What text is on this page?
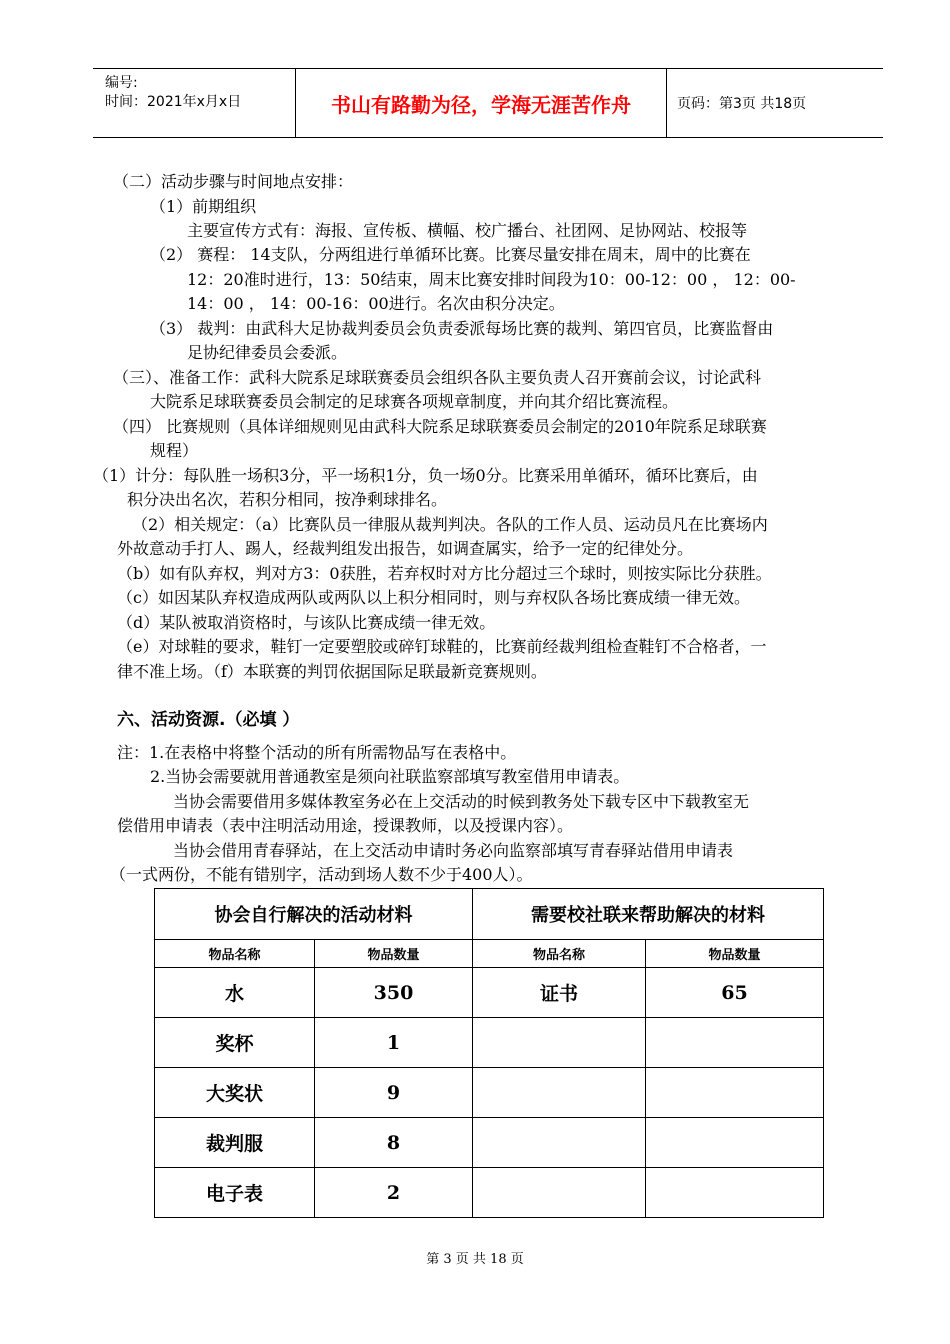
编号:
时间：2021年x月x日	书山有路勤为径，学海无涯苦作舟	页码：第3页 共18页
（二）活动步骤与时间地点安排：
（1）前期组织
主要宣传方式有：海报、宣传板、横幅、校广播台、社团网、足协网站、校报等
（2） 赛程： 14支队，分两组进行单循环比赛。比赛尽量安排在周末，周中的比赛在
12：20准时进行，13：50结束，周末比赛安排时间段为10：00-12：00 ， 12：00-
14：00 ， 14：00-16：00进行。名次由积分决定。
（3） 裁判：由武科大足协裁判委员会负责委派每场比赛的裁判、第四官员，比赛监督由
足协纪律委员会委派。
（三）、准备工作：武科大院系足球联赛委员会组织各队主要负责人召开赛前会议，讨论武科
大院系足球联赛委员会制定的足球赛各项规章制度，并向其介绍比赛流程。
（四） 比赛规则（具体详细规则见由武科大院系足球联赛委员会制定的2010年院系足球联赛
规程）
（1）计分：每队胜一场积3分，平一场积1分，负一场0分。比赛采用单循环，循环比赛后，由
积分决出名次，若积分相同，按净剩球排名。
（2）相关规定：（a）比赛队员一律服从裁判判决。各队的工作人员、运动员凡在比赛场内
外故意动手打人、踢人，经裁判组发出报告，如调查属实，给予一定的纪律处分。
（b）如有队弃权，判对方3：0获胜，若弃权时对方比分超过三个球时，则按实际比分获胜。
（c）如因某队弃权造成两队或两队以上积分相同时，则与弃权队各场比赛成绩一律无效。
（d）某队被取消资格时，与该队比赛成绩一律无效。
（e）对球鞋的要求，鞋钉一定要塑胶或碎钉球鞋的，比赛前经裁判组检查鞋钉不合格者，一
律不准上场。（f）本联赛的判罚依据国际足联最新竞赛规则。
六、活动资源.（必填 ）
注：1.在表格中将整个活动的所有所需物品写在表格中。
2.当协会需要就用普通教室是须向社联监察部填写教室借用申请表。
当协会需要借用多媒体教室务必在上交活动的时候到教务处下载专区中下载教室无
偿借用申请表（表中注明活动用途，授课教师，以及授课内容）。
当协会借用青春驿站，在上交活动申请时务必向监察部填写青春驿站借用申请表
（一式两份，不能有错别字，活动到场人数不少于400人）。
协会自行解决的活动材料		需要校社联来帮助解决的材料	
物品名称	物品数量	物品名称	物品数量
水	350	证书	65
奖杯	1		
大奖状	9		
裁判服	8		
电子表	2		
第 3 页 共 18 页
